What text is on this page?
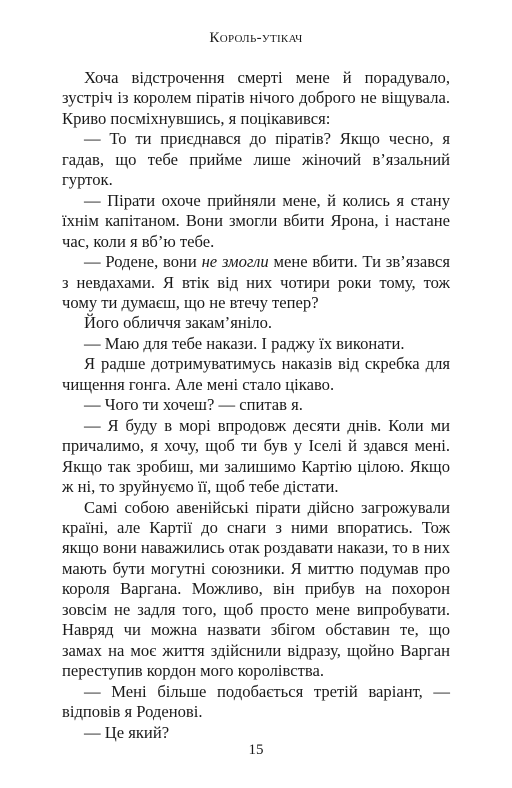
Король-утікач

Хоча відстрочення смерті мене й порадувало, зустріч із королем піратів нічого доброго не віщувала. Криво посміхнувшись, я поцікавився:

— То ти приєднався до піратів? Якщо чесно, я гадав, що тебе прийме лише жіночий в’язальний гурток.

— Пірати охоче прийняли мене, й колись я стану їхнім капітаном. Вони змогли вбити Ярона, і настане час, коли я вб’ю тебе.

— Родене, вони не змогли мене вбити. Ти зв’язався з невдахами. Я втік від них чотири роки тому, тож чому ти думаєш, що не втечу тепер?

Його обличчя закам’яніло.

— Маю для тебе накази. І раджу їх виконати.

Я радше дотримуватимусь наказів від скребка для чищення гонга. Але мені стало цікаво.

— Чого ти хочеш? — спитав я.

— Я буду в морі впродовж десяти днів. Коли ми причалимо, я хочу, щоб ти був у Іселі й здався мені. Якщо так зробиш, ми залишимо Картію цілою. Якщо ж ні, то зруйнуємо її, щоб тебе дістати.

Самі собою авенійські пірати дійсно загрожували країні, але Картії до снаги з ними впоратись. Тож якщо вони наважились отак роздавати накази, то в них мають бути могутні союзники. Я миттю подумав про короля Варгана. Можливо, він прибув на похорон зовсім не задля того, щоб просто мене випробувати. Навряд чи можна назвати збігом обставин те, що замах на моє життя здійснили відразу, щойно Варган переступив кордон мого королівства.

— Мені більше подобається третій варіант, — відповів я Роденові.

— Це який?

15
